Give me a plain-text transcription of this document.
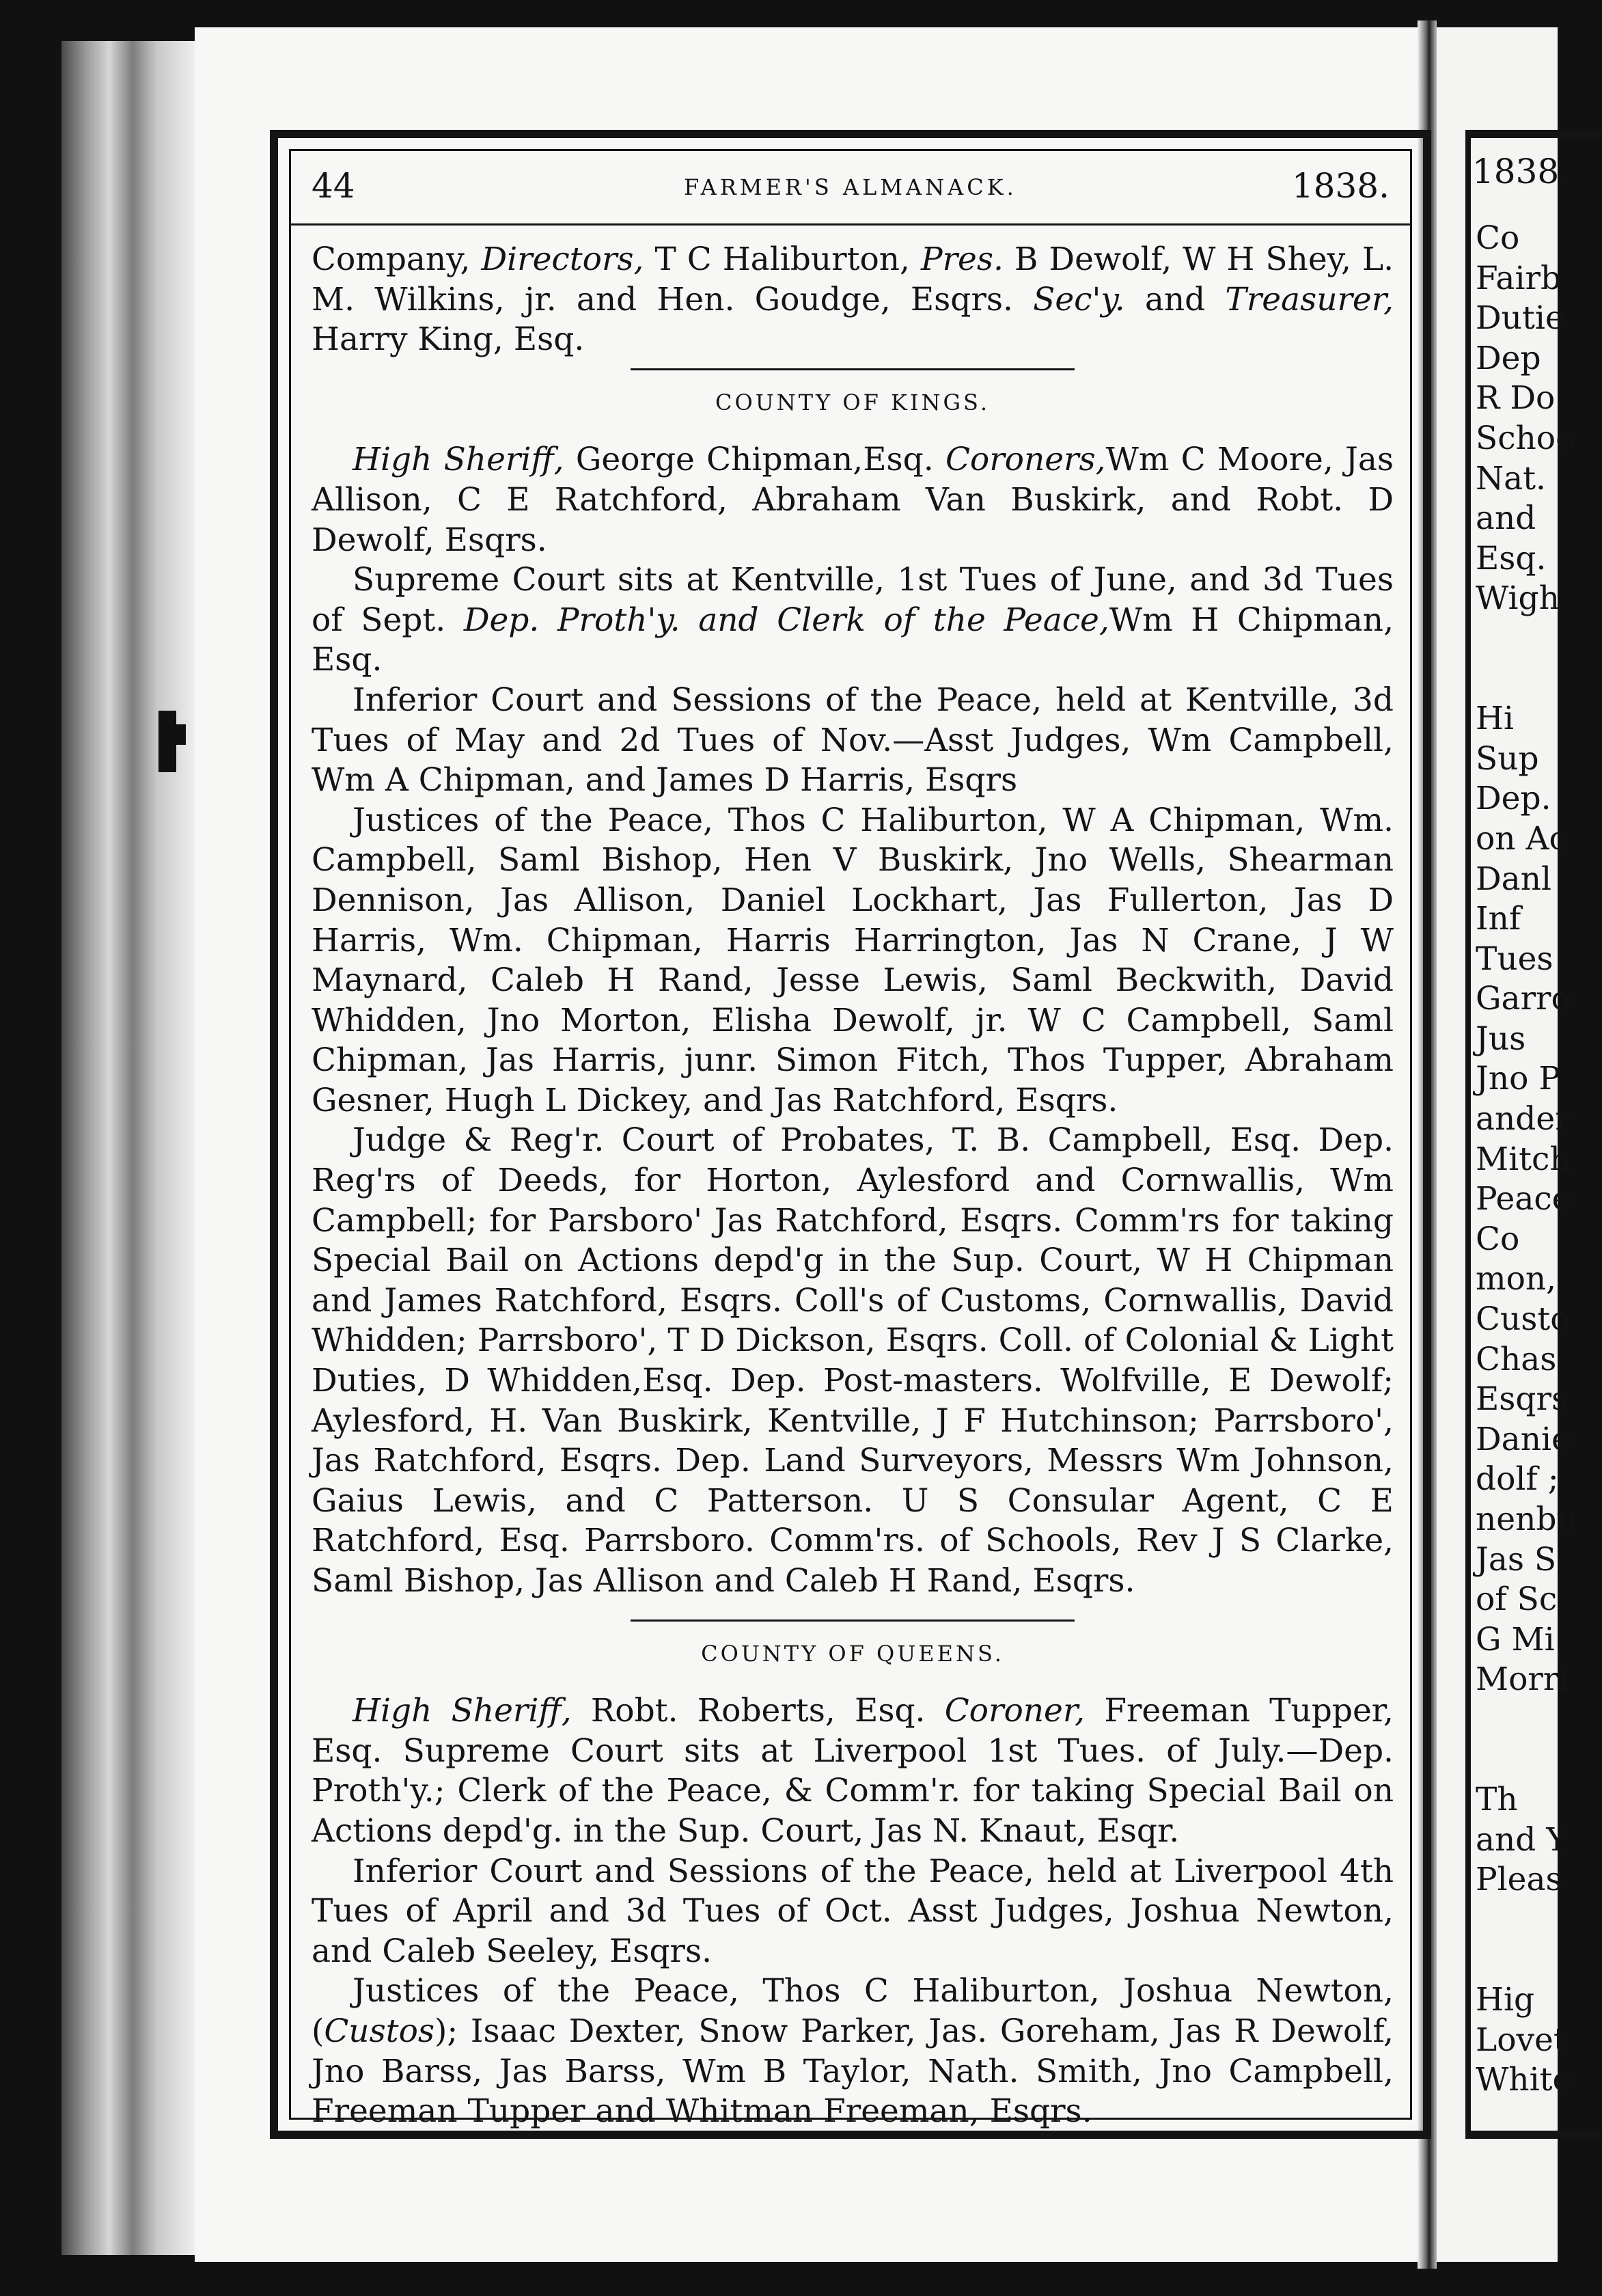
44	FARMER'S ALMANACK.	1838.

Company, Directors, T C Haliburton, Pres. B Dewolf, W H Shey, L. M. Wilkins, jr. and Hen. Goudge, Esqrs. Sec'y. and Treasurer, Harry King, Esq.

COUNTY OF KINGS.

High Sheriff, George Chipman,Esq. Coroners,Wm C Moore, Jas Allison, C E Ratchford, Abraham Van Buskirk, and Robt. D Dewolf, Esqrs.

Supreme Court sits at Kentville, 1st Tues of June, and 3d Tues of Sept. Dep. Proth'y. and Clerk of the Peace,Wm H Chipman, Esq.

Inferior Court and Sessions of the Peace, held at Kentville, 3d Tues of May and 2d Tues of Nov.—Asst Judges, Wm Campbell, Wm A Chipman, and James D Harris, Esqrs

Justices of the Peace, Thos C Haliburton, W A Chipman, Wm. Campbell, Saml Bishop, Hen V Buskirk, Jno Wells, Shearman Dennison, Jas Allison, Daniel Lockhart, Jas Fullerton, Jas D Harris, Wm. Chipman, Harris Harrington, Jas N Crane, J W Maynard, Caleb H Rand, Jesse Lewis, Saml Beckwith, David Whidden, Jno Morton, Elisha Dewolf, jr. W C Campbell, Saml Chipman, Jas Harris, junr. Simon Fitch, Thos Tupper, Abraham Gesner, Hugh L Dickey, and Jas Ratchford, Esqrs.

Judge & Reg'r. Court of Probates, T. B. Campbell, Esq. Dep. Reg'rs of Deeds, for Horton, Aylesford and Cornwallis, Wm Campbell; for Parsboro' Jas Ratchford, Esqrs. Comm'rs for taking Special Bail on Actions depd'g in the Sup. Court, W H Chipman and James Ratchford, Esqrs. Coll's of Customs, Cornwallis, David Whidden; Parrsboro', T D Dickson, Esqrs. Coll. of Colonial & Light Duties, D Whidden,Esq. Dep. Post-masters. Wolfville, E Dewolf; Aylesford, H. Van Buskirk, Kentville, J F Hutchinson; Parrsboro', Jas Ratchford, Esqrs. Dep. Land Surveyors, Messrs Wm Johnson, Gaius Lewis, and C Patterson. U S Consular Agent, C E Ratchford, Esq. Parrsboro. Comm'rs. of Schools, Rev J S Clarke, Saml Bishop, Jas Allison and Caleb H Rand, Esqrs.

COUNTY OF QUEENS.

High Sheriff, Robt. Roberts, Esq. Coroner, Freeman Tupper, Esq. Supreme Court sits at Liverpool 1st Tues. of July.—Dep. Proth'y.; Clerk of the Peace, & Comm'r. for taking Special Bail on Actions depd'g. in the Sup. Court, Jas N. Knaut, Esqr.

Inferior Court and Sessions of the Peace, held at Liverpool 4th Tues of April and 3d Tues of Oct. Asst Judges, Joshua Newton, and Caleb Seeley, Esqrs.

Justices of the Peace, Thos C Haliburton, Joshua Newton, (Custos); Isaac Dexter, Snow Parker, Jas. Goreham, Jas R Dewolf, Jno Barss, Jas Barss, Wm B Taylor, Nath. Smith, Jno Campbell, Freeman Tupper and Whitman Freeman, Esqrs.

1838.
Co
Fairb
Dutie
Dep
R Do
Schoo
Nat.
and
Esq.
Wigh
Hi
Sup
Dep.
on Ac
Danl
Inf
Tues
Garro
Jus
Jno P
ander
Mitch
Peace
Co
mon,
Custo
Chas
Esqrs
Danie
dolf ;
nenbu
Jas S
of Sc
G Mi
Morri
Th
and Y
Pleas
Hig
Lovet
White
